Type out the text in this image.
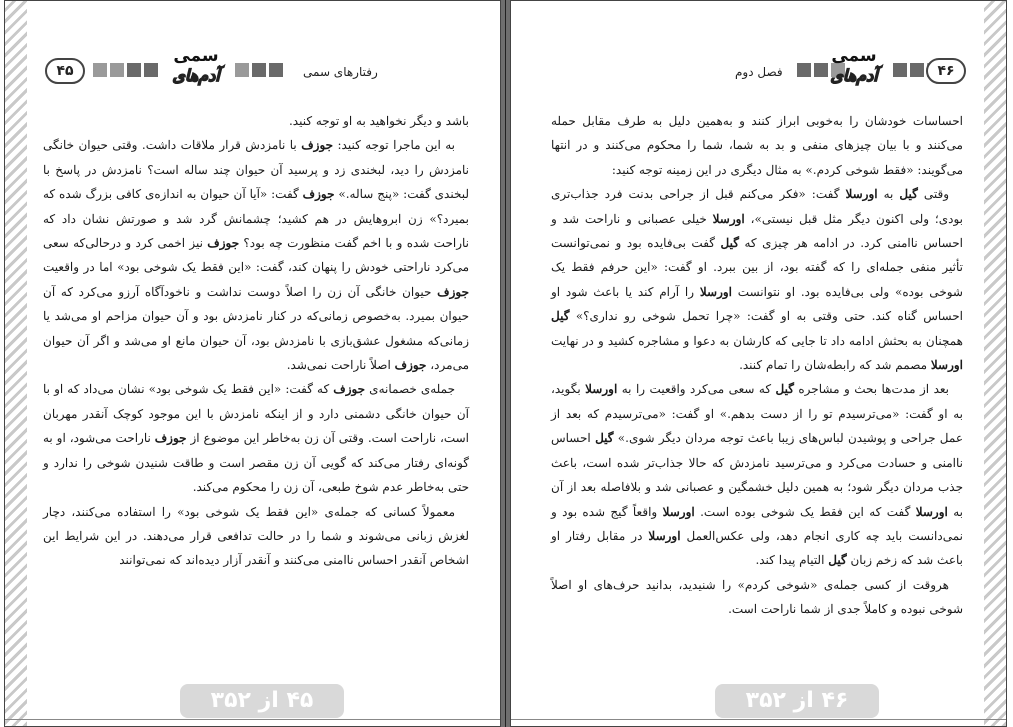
۴۵
سمی
آدم‌های	رفتارهای سمی

باشد و دیگر نخواهید به او توجه کنید.

به این ماجرا توجه کنید: جوزف با نامزدش قرار ملاقات داشت. وقتی حیوان خانگی نامزدش را دید، لبخندی زد و پرسید آن حیوان چند ساله است؟ نامزدش در پاسخ با لبخندی گفت: «پنج ساله.» جوزف گفت: «آیا آن حیوان به اندازه‌ی کافی بزرگ شده که بمیرد؟» زن ابروهایش در هم کشید؛ چشمانش گرد شد و صورتش نشان داد که ناراحت شده و با اخم گفت منظورت چه بود؟ جوزف نیز اخمی کرد و درحالی‌که سعی می‌کرد ناراحتی خودش را پنهان کند، گفت: «این فقط یک شوخی بود» اما در واقعیت جوزف حیوان خانگی آن زن را اصلاً دوست نداشت و ناخودآگاه آرزو می‌کرد که آن حیوان بمیرد. به‌خصوص زمانی‌که در کنار نامزدش بود و آن حیوان مزاحم او می‌شد یا زمانی‌که مشغول عشق‌بازی با نامزدش بود، آن حیوان مانع او می‌شد و اگر آن حیوان می‌مرد، جوزف اصلاً ناراحت نمی‌شد.

جمله‌ی خصمانه‌ی جوزف که گفت: «این فقط یک شوخی بود» نشان می‌داد که او با آن حیوان خانگی دشمنی دارد و از اینکه نامزدش با این موجود کوچک آنقدر مهربان است، ناراحت است. وقتی آن زن به‌خاطر این موضوع از جوزف ناراحت می‌شود، او به گونه‌ای رفتار می‌کند که گویی آن زن مقصر است و طاقت شنیدن شوخی را ندارد و حتی به‌خاطر عدم شوخ طبعی، آن زن را محکوم می‌کند.

معمولاً کسانی که جمله‌ی «این فقط یک شوخی بود» را استفاده می‌کنند، دچار لغزش زبانی می‌شوند و شما را در حالت تدافعی قرار می‌دهند. در این شرایط این اشخاص آنقدر احساس ناامنی می‌کنند و آنقدر آزار دیده‌اند که نمی‌توانند

۴۵ از ۳۵۲
فصل دوم
سمی
آدم‌های	۴۶

احساسات خودشان را به‌خوبی ابراز کنند و به‌همین دلیل به طرف مقابل حمله می‌کنند و با بیان چیزهای منفی و بد به شما، شما را محکوم می‌کنند و در انتها می‌گویند: «فقط شوخی کردم.» به مثال دیگری در این زمینه توجه کنید:

وقتی گیل به اورسلا گفت: «فکر می‌کنم قبل از جراحی بدنت فرد جذاب‌تری بودی؛ ولی اکنون دیگر مثل قبل نیستی»، اورسلا خیلی عصبانی و ناراحت شد و احساس ناامنی کرد. در ادامه هر چیزی که گیل گفت بی‌فایده بود و نمی‌توانست تأثیر منفی جمله‌ای را که گفته بود، از بین ببرد. او گفت: «این حرفم فقط یک شوخی بوده» ولی بی‌فایده بود. او نتوانست اورسلا را آرام کند یا باعث شود او احساس گناه کند. حتی وقتی به او گفت: «چرا تحمل شوخی رو نداری؟» گیل همچنان به بحثش ادامه داد تا جایی که کارشان به دعوا و مشاجره کشید و در نهایت اورسلا مصمم شد که رابطه‌شان را تمام کنند.

بعد از مدت‌ها بحث و مشاجره گیل که سعی می‌کرد واقعیت را به اورسلا بگوید، به او گفت: «می‌ترسیدم تو را از دست بدهم.» او گفت: «می‌ترسیدم که بعد از عمل جراحی و پوشیدن لباس‌های زیبا باعث توجه مردان دیگر شوی.» گیل احساس ناامنی و حسادت می‌کرد و می‌ترسید نامزدش که حالا جذاب‌تر شده است، باعث جذب مردان دیگر شود؛ به همین دلیل خشمگین و عصبانی شد و بلافاصله بعد از آن به اورسلا گفت که این فقط یک شوخی بوده است. اورسلا واقعاً گیج شده بود و نمی‌دانست باید چه کاری انجام دهد، ولی عکس‌العمل اورسلا در مقابل رفتار او باعث شد که زخم زبان گیل التیام پیدا کند.

هروقت از کسی جمله‌ی «شوخی کردم» را شنیدید، بدانید حرف‌های او اصلاً شوخی نبوده و کاملاً جدی از شما ناراحت است.

۴۶ از ۳۵۲
